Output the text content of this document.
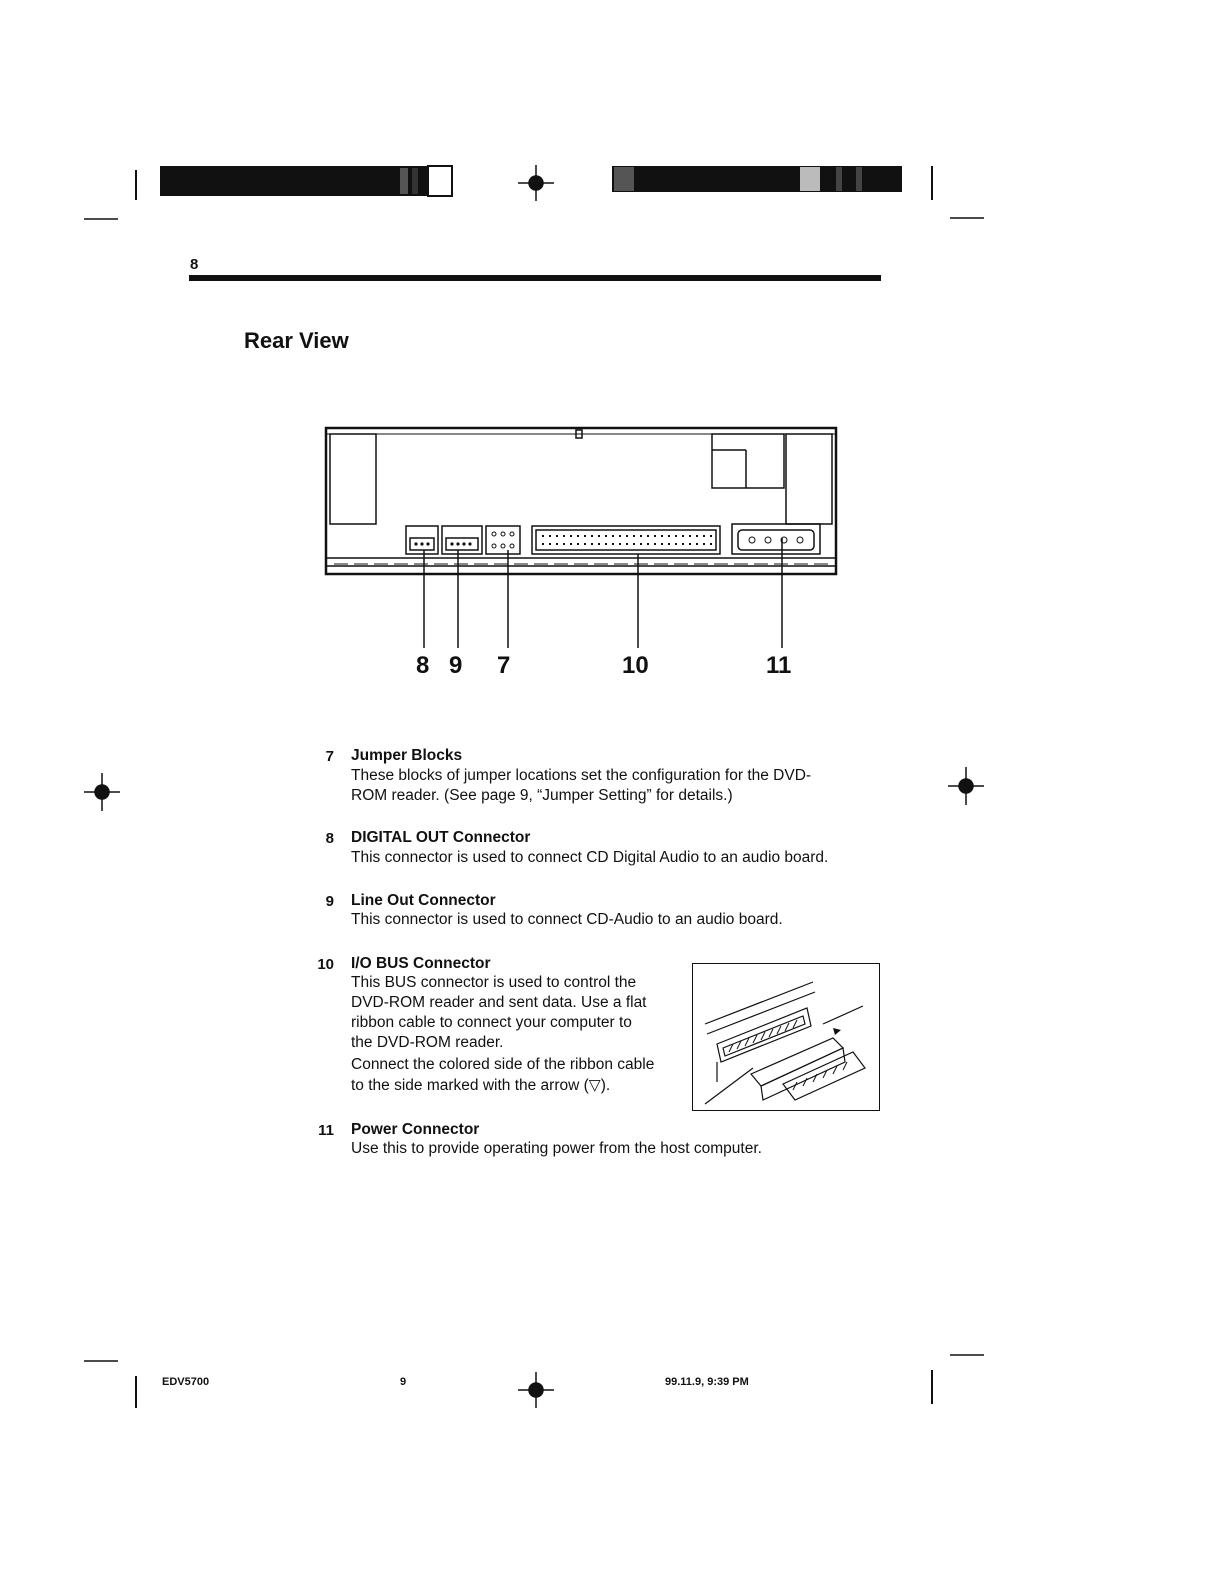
8
Rear View
8 9 7	10	11
7 Jumper Blocks
These blocks of jumper locations set the configuration for the DVD-
ROM reader. (See page 9, “Jumper Setting” for details.)
8 DIGITAL OUT Connector
This connector is used to connect CD Digital Audio to an audio board.
9 Line Out Connector
This connector is used to connect CD-Audio to an audio board.
10 I/O BUS Connector
This BUS connector is used to control the
DVD-ROM reader and sent data. Use a flat
ribbon cable to connect your computer to
the DVD-ROM reader.
Connect the colored side of the ribbon cable
to the side marked with the arrow (▽).
11 Power Connector
Use this to provide operating power from the host computer.
EDV5700	9	99.11.9, 9:39 PM
